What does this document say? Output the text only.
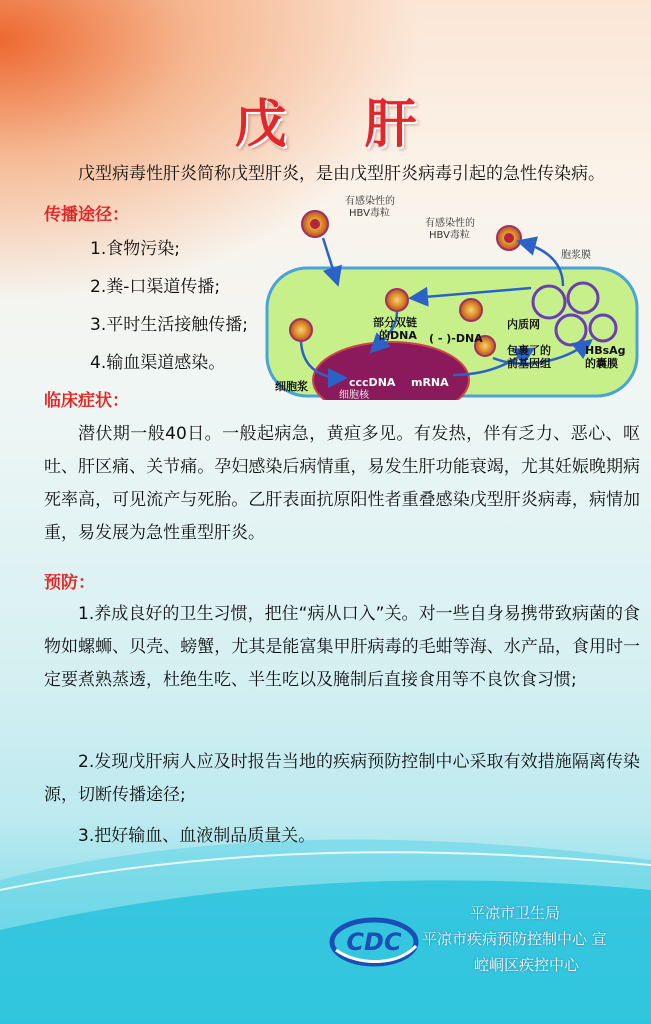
戊 肝
戊型病毒性肝炎简称戊型肝炎，是由戊型肝炎病毒引起的急性传染病。
传播途径：
1.食物污染;
2.粪-口渠道传播;
3.平时生活接触传播;
4.输血渠道感染。
有感染性的
HBV毒粒
有感染性的
HBV毒粒
胞浆膜
部分双链
的DNA ( - )-DNA
内质网
HBsAg
的囊膜
包裹了的
前基因组
细胞浆	cccDNA mRNA
细胞核
临床症状：
潜伏期一般40日。一般起病急，黄疸多见。有发热，伴有乏力、恶心、呕吐、肝区痛、关节痛。孕妇感染后病情重，易发生肝功能衰竭，尤其妊娠晚期病死率高，可见流产与死胎。乙肝表面抗原阳性者重叠感染戊型肝炎病毒，病情加重，易发展为急性重型肝炎。
预防：
1.养成良好的卫生习惯，把住“病从口入”关。对一些自身易携带致病菌的食物如螺蛳、贝壳、螃蟹，尤其是能富集甲肝病毒的毛蚶等海、水产品，食用时一定要煮熟蒸透，杜绝生吃、半生吃以及腌制后直接食用等不良饮食习惯;
2.发现戊肝病人应及时报告当地的疾病预防控制中心采取有效措施隔离传染源，切断传播途径;
3.把好输血、血液制品质量关。
CDC
平凉市卫生局
平凉市疾病预防控制中心 宣
崆峒区疾控中心
